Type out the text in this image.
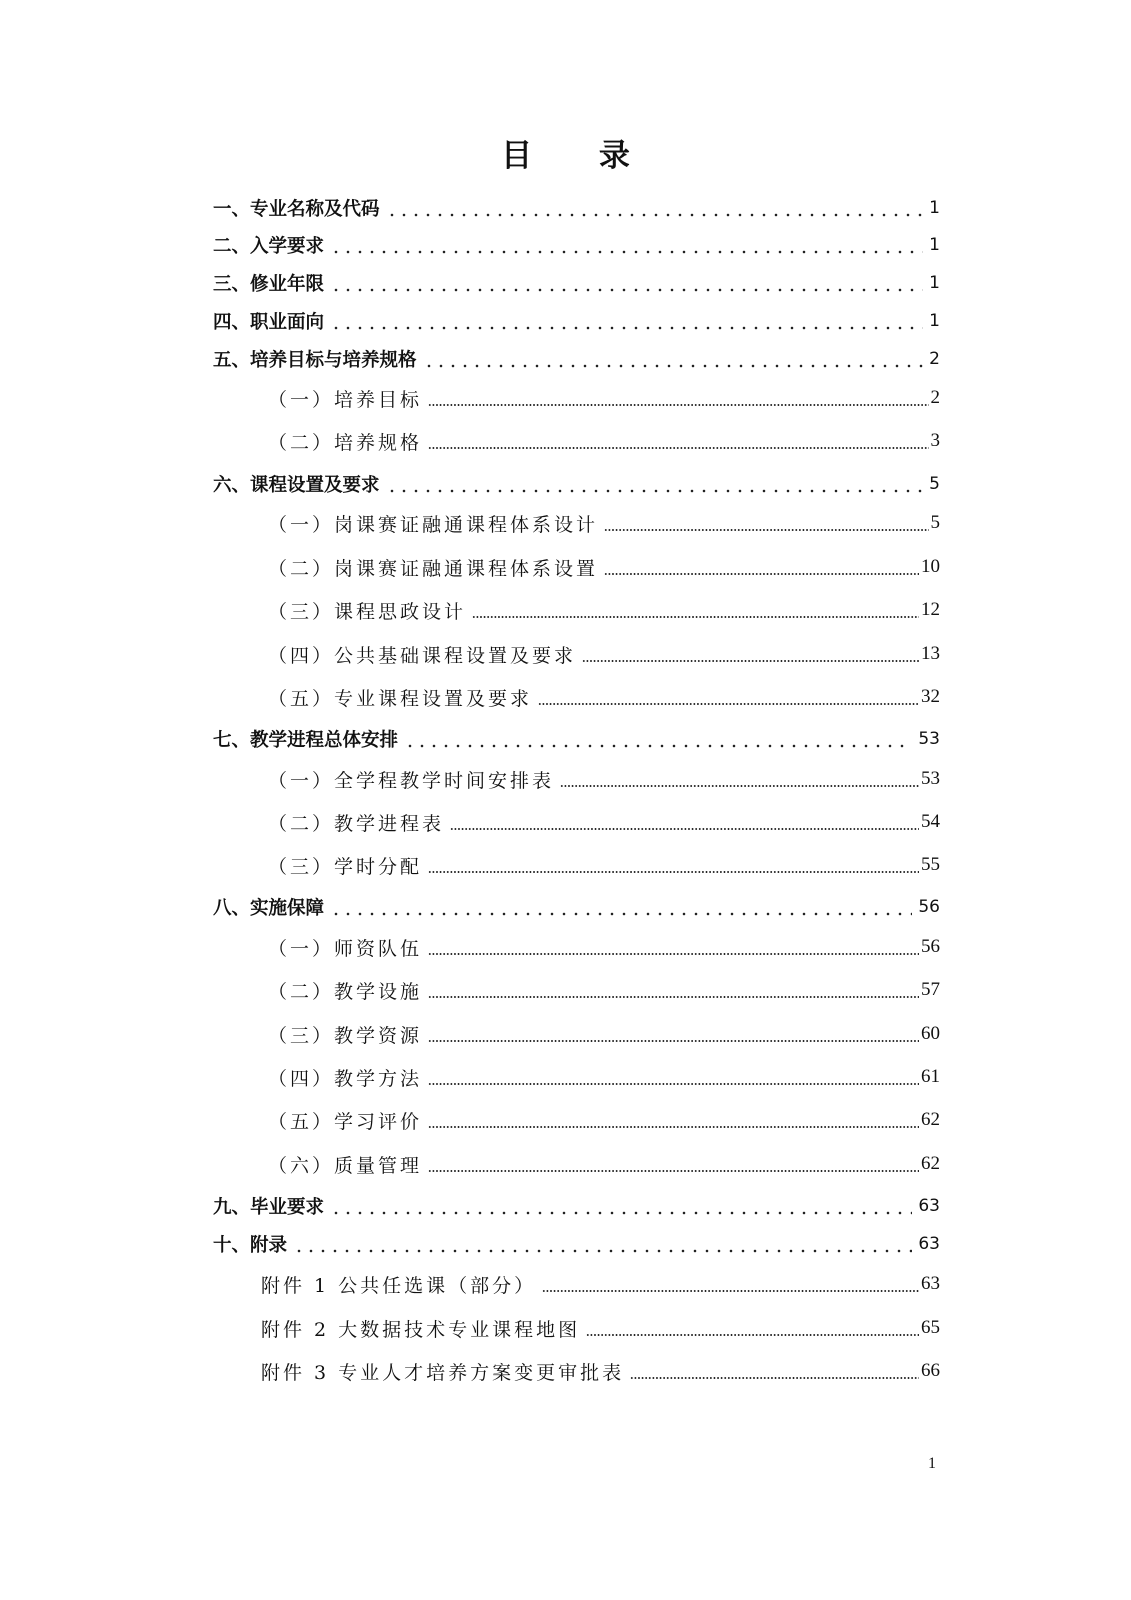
目 录
一、专业名称及代码	1
二、入学要求	1
三、修业年限	1
四、职业面向	1
五、培养目标与培养规格	2
（一）培养目标	2
（二）培养规格	3
六、课程设置及要求	5
（一）岗课赛证融通课程体系设计	5
（二）岗课赛证融通课程体系设置	10
（三）课程思政设计	12
（四）公共基础课程设置及要求	13
（五）专业课程设置及要求	32
七、教学进程总体安排	53
（一）全学程教学时间安排表	53
（二）教学进程表	54
（三）学时分配	55
八、实施保障	56
（一）师资队伍	56
（二）教学设施	57
（三）教学资源	60
（四）教学方法	61
（五）学习评价	62
（六）质量管理	62
九、毕业要求	63
十、附录	63
附件 1 公共任选课（部分）	63
附件 2 大数据技术专业课程地图	65
附件 3 专业人才培养方案变更审批表	66
1
